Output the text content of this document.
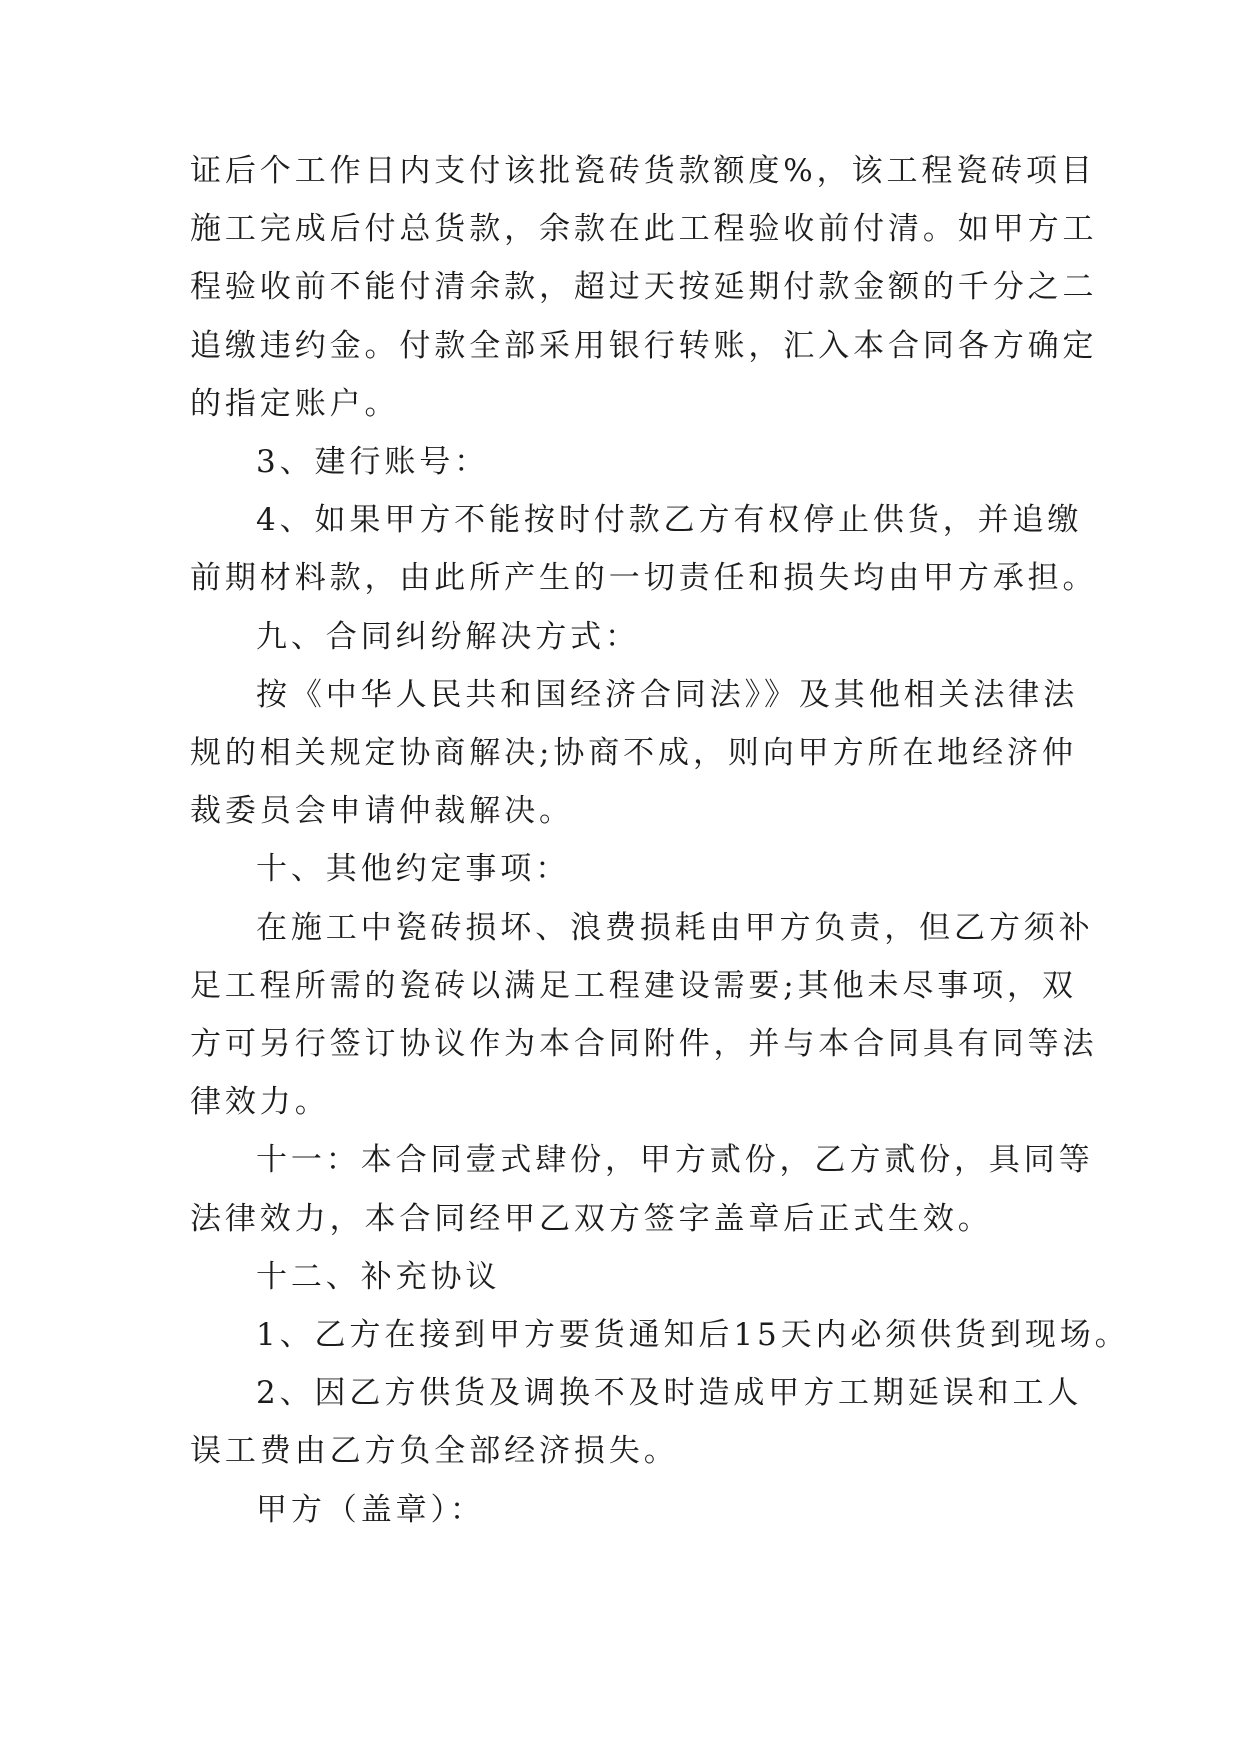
证后个工作日内支付该批瓷砖货款额度%，该工程瓷砖项目
施工完成后付总货款，余款在此工程验收前付清。如甲方工
程验收前不能付清余款，超过天按延期付款金额的千分之二
追缴违约金。付款全部采用银行转账，汇入本合同各方确定
的指定账户。

3、建行账号：

4、如果甲方不能按时付款乙方有权停止供货，并追缴
前期材料款，由此所产生的一切责任和损失均由甲方承担。

九、合同纠纷解决方式：

按《中华人民共和国经济合同法》》及其他相关法律法
规的相关规定协商解决;协商不成，则向甲方所在地经济仲
裁委员会申请仲裁解决。

十、其他约定事项：

在施工中瓷砖损坏、浪费损耗由甲方负责，但乙方须补
足工程所需的瓷砖以满足工程建设需要;其他未尽事项，双
方可另行签订协议作为本合同附件，并与本合同具有同等法
律效力。

十一：本合同壹式肆份，甲方贰份，乙方贰份，具同等
法律效力，本合同经甲乙双方签字盖章后正式生效。

十二、补充协议

1、乙方在接到甲方要货通知后15天内必须供货到现场。

2、因乙方供货及调换不及时造成甲方工期延误和工人
误工费由乙方负全部经济损失。

甲方（盖章）：
